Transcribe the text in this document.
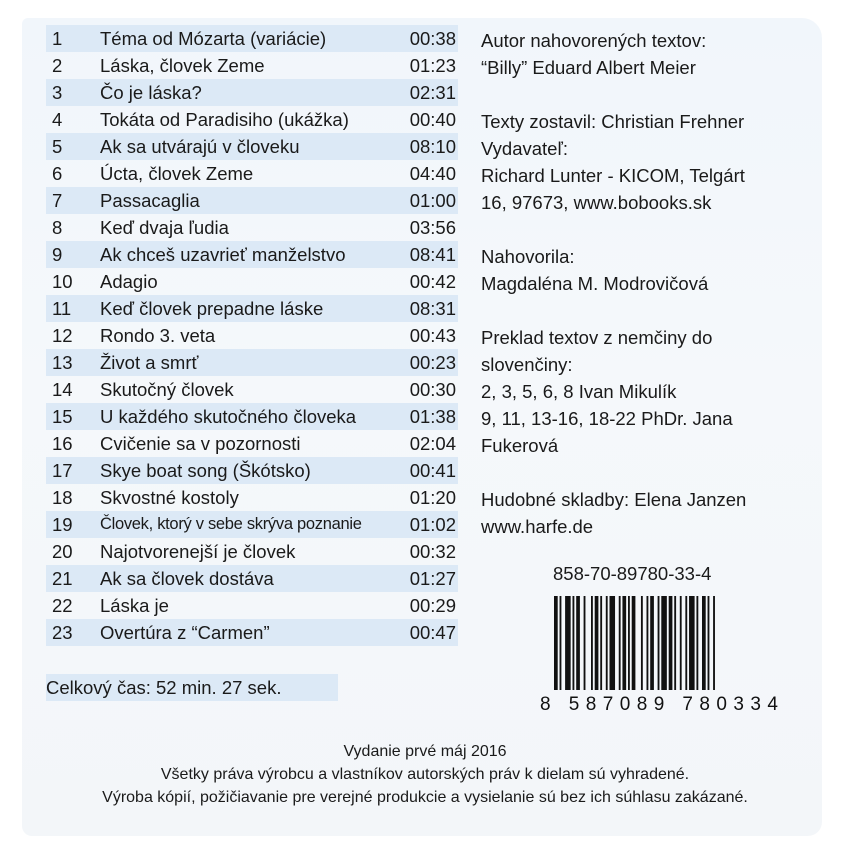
1	Téma od Mózarta (variácie)	00:38
2	Láska, človek Zeme	01:23
3	Čo je láska?	02:31
4	Tokáta od Paradisiho (ukážka)	00:40
5	Ak sa utvárajú v človeku	08:10
6	Úcta, človek Zeme	04:40
7	Passacaglia	01:00
8	Keď dvaja ľudia	03:56
9	Ak chceš uzavrieť manželstvo	08:41
10	Adagio	00:42
11	Keď človek prepadne láske	08:31
12	Rondo 3. veta	00:43
13	Život a smrť	00:23
14	Skutočný človek	00:30
15	U každého skutočného človeka	01:38
16	Cvičenie sa v pozornosti	02:04
17	Skye boat song (Škótsko)	00:41
18	Skvostné kostoly	01:20
19	Človek, ktorý v sebe skrýva poznanie	01:02
20	Najotvorenejší je človek	00:32
21	Ak sa človek dostáva	01:27
22	Láska je	00:29
23	Overtúra z “Carmen”	00:47
Celkový čas: 52 min. 27 sek.
Autor nahovorených textov:
“Billy” Eduard Albert Meier
Texty zostavil: Christian Frehner
Vydavateľ:
Richard Lunter - KICOM, Telgárt
16, 97673, www.bobooks.sk
Nahovorila:
Magdaléna M. Modrovičová
Preklad textov z nemčiny do
slovenčiny:
2, 3, 5, 6, 8 Ivan Mikulík
9, 11, 13-16, 18-22 PhDr. Jana
Fukerová
Hudobné skladby: Elena Janzen
www.harfe.de
858-70-89780-33-4
8 587089 780334
Vydanie prvé máj 2016
Všetky práva výrobcu a vlastníkov autorských práv k dielam sú vyhradené.
Výroba kópií, požičiavanie pre verejné produkcie a vysielanie sú bez ich súhlasu zakázané.
